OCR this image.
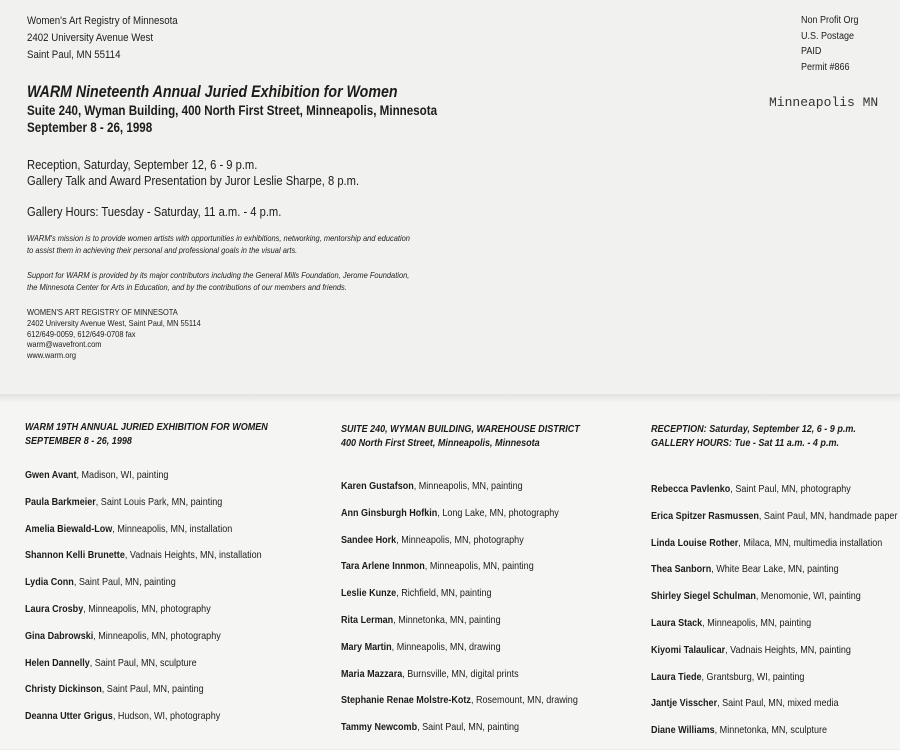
Women's Art Registry of Minnesota
2402 University Avenue West
Saint Paul, MN 55114
Non Profit Org
U.S. Postage
PAID
Permit #866
Minneapolis MN
WARM Nineteenth Annual Juried Exhibition for Women
Suite 240, Wyman Building, 400 North First Street, Minneapolis, Minnesota
September 8 - 26, 1998
Reception, Saturday, September 12, 6 - 9 p.m.
Gallery Talk and Award Presentation by Juror Leslie Sharpe, 8 p.m.
Gallery Hours: Tuesday - Saturday, 11 a.m. - 4 p.m.
WARM's mission is to provide women artists with opportunities in exhibitions, networking, mentorship and education
to assist them in achieving their personal and professional goals in the visual arts.
Support for WARM is provided by its major contributors including the General Mills Foundation, Jerome Foundation,
the Minnesota Center for Arts in Education, and by the contributions of our members and friends.
WOMEN'S ART REGISTRY OF MINNESOTA
2402 University Avenue West, Saint Paul, MN 55114
612/649-0059, 612/649-0708 fax
warm@wavefront.com
www.warm.org
WARM 19TH ANNUAL JURIED EXHIBITION FOR WOMEN
SEPTEMBER 8 - 26, 1998
Gwen Avant, Madison, WI, painting
Paula Barkmeier, Saint Louis Park, MN, painting
Amelia Biewald-Low, Minneapolis, MN, installation
Shannon Kelli Brunette, Vadnais Heights, MN, installation
Lydia Conn, Saint Paul, MN, painting
Laura Crosby, Minneapolis, MN, photography
Gina Dabrowski, Minneapolis, MN, photography
Helen Dannelly, Saint Paul, MN, sculpture
Christy Dickinson, Saint Paul, MN, painting
Deanna Utter Grigus, Hudson, WI, photography
SUITE 240, WYMAN BUILDING, WAREHOUSE DISTRICT
400 North First Street, Minneapolis, Minnesota
Karen Gustafson, Minneapolis, MN, painting
Ann Ginsburgh Hofkin, Long Lake, MN, photography
Sandee Hork, Minneapolis, MN, photography
Tara Arlene Innmon, Minneapolis, MN, painting
Leslie Kunze, Richfield, MN, painting
Rita Lerman, Minnetonka, MN, painting
Mary Martin, Minneapolis, MN, drawing
Maria Mazzara, Burnsville, MN, digital prints
Stephanie Renae Molstre-Kotz, Rosemount, MN, drawing
Tammy Newcomb, Saint Paul, MN, painting
RECEPTION: Saturday, September 12, 6 - 9 p.m.
GALLERY HOURS: Tue - Sat 11 a.m. - 4 p.m.
Rebecca Pavlenko, Saint Paul, MN, photography
Erica Spitzer Rasmussen, Saint Paul, MN, handmade paper
Linda Louise Rother, Milaca, MN, multimedia installation
Thea Sanborn, White Bear Lake, MN, painting
Shirley Siegel Schulman, Menomonie, WI, painting
Laura Stack, Minneapolis, MN, painting
Kiyomi Talaulicar, Vadnais Heights, MN, painting
Laura Tiede, Grantsburg, WI, painting
Jantje Visscher, Saint Paul, MN, mixed media
Diane Williams, Minnetonka, MN, sculpture
